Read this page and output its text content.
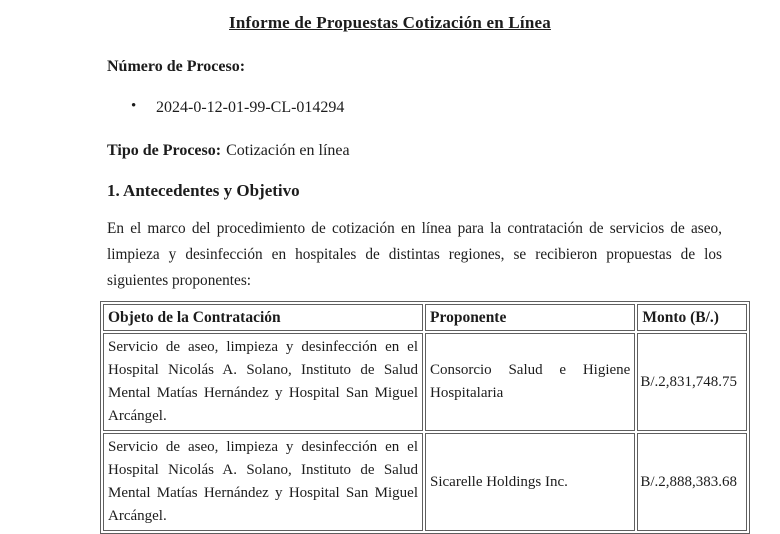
Informe de Propuestas Cotización en Línea

Número de Proceso:

• 2024-0-12-01-99-CL-014294

Tipo de Proceso: Cotización en línea

1. Antecedentes y Objetivo

En el marco del procedimiento de cotización en línea para la contratación de servicios de aseo, limpieza y desinfección en hospitales de distintas regiones, se recibieron propuestas de los siguientes proponentes:

Objeto de la Contratación	Proponente	Monto (B/.)
Servicio de aseo, limpieza y desinfección en el Hospital Nicolás A. Solano, Instituto de Salud Mental Matías Hernández y Hospital San Miguel Arcángel.	Consorcio Salud e Higiene Hospitalaria	B/.2,831,748.75
Servicio de aseo, limpieza y desinfección en el Hospital Nicolás A. Solano, Instituto de Salud Mental Matías Hernández y Hospital San Miguel Arcángel.	Sicarelle Holdings Inc.	B/.2,888,383.68
